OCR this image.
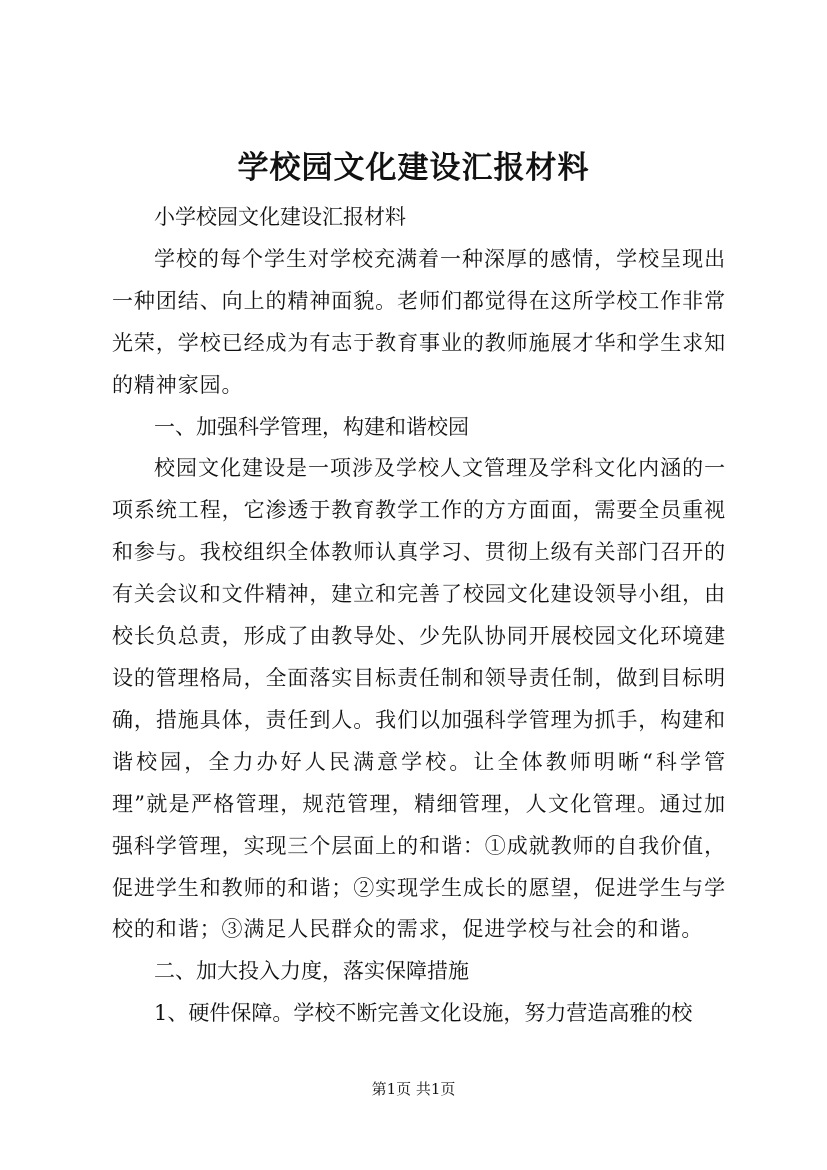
学校园文化建设汇报材料

小学校园文化建设汇报材料

学校的每个学生对学校充满着一种深厚的感情，学校呈现出一种团结、向上的精神面貌。老师们都觉得在这所学校工作非常光荣，学校已经成为有志于教育事业的教师施展才华和学生求知的精神家园。

一、加强科学管理，构建和谐校园

校园文化建设是一项涉及学校人文管理及学科文化内涵的一项系统工程，它渗透于教育教学工作的方方面面，需要全员重视和参与。我校组织全体教师认真学习、贯彻上级有关部门召开的有关会议和文件精神，建立和完善了校园文化建设领导小组，由校长负总责，形成了由教导处、少先队协同开展校园文化环境建设的管理格局，全面落实目标责任制和领导责任制，做到目标明确，措施具体，责任到人。我们以加强科学管理为抓手，构建和谐校园，全力办好人民满意学校。让全体教师明晰“科学管理”就是严格管理，规范管理，精细管理，人文化管理。通过加强科学管理，实现三个层面上的和谐：①成就教师的自我价值，促进学生和教师的和谐；②实现学生成长的愿望，促进学生与学校的和谐；③满足人民群众的需求，促进学校与社会的和谐。

二、加大投入力度，落实保障措施

1、硬件保障。学校不断完善文化设施，努力营造高雅的校

第1页 共1页
